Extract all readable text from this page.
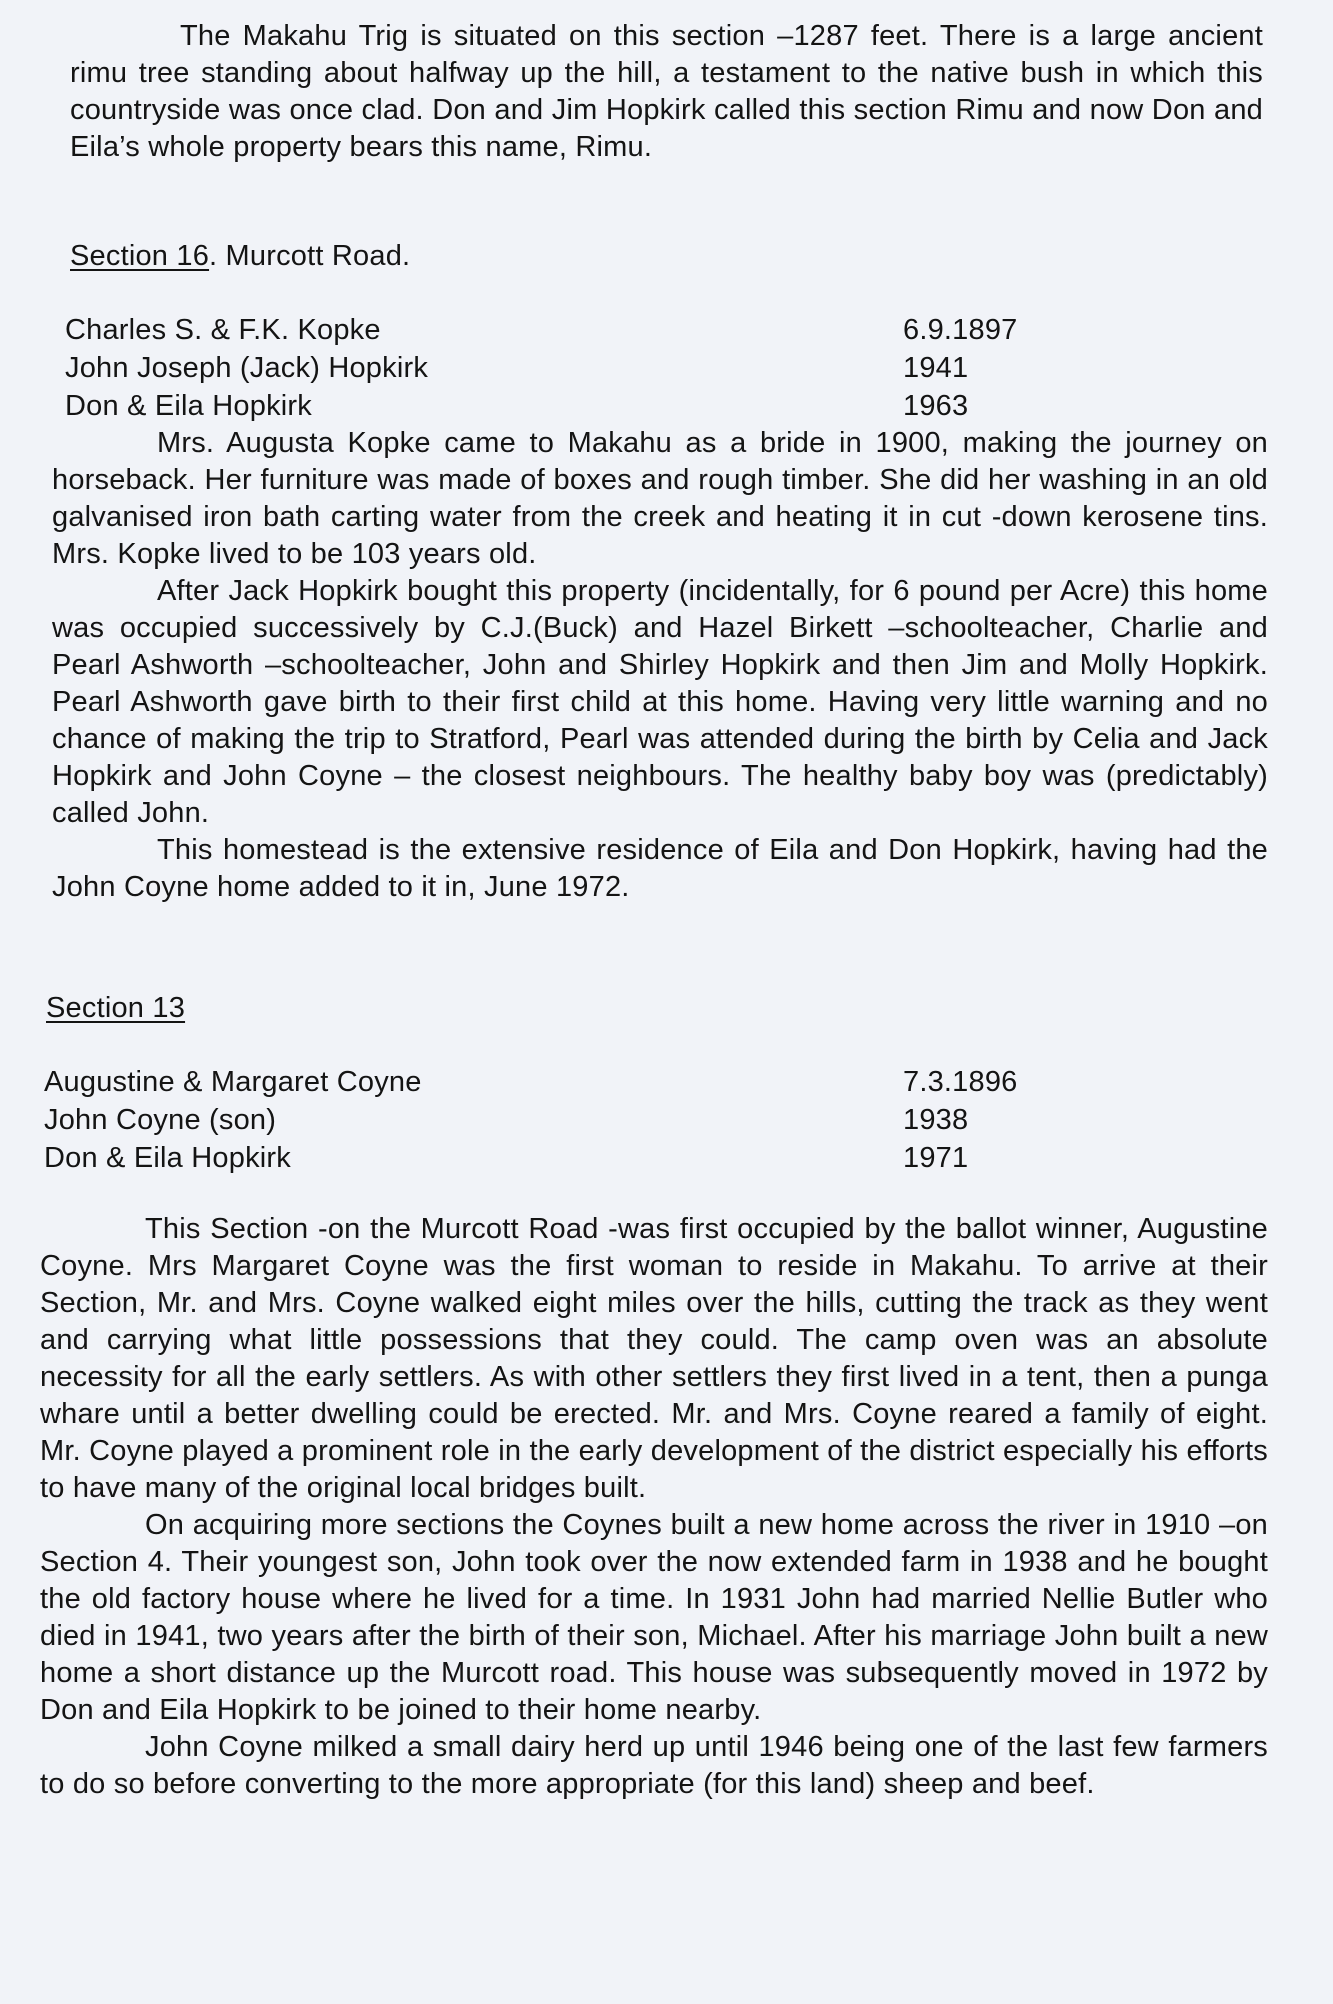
The Makahu Trig is situated on this section –1287 feet. There is a large ancient rimu tree standing about halfway up the hill, a testament to the native bush in which this countryside was once clad. Don and Jim Hopkirk called this section Rimu and now Don and Eila’s whole property bears this name, Rimu.

Section 16. Murcott Road.
Charles S. & F.K. Kopke	6.9.1897
John Joseph (Jack) Hopkirk	1941
Don & Eila Hopkirk	1963

Mrs. Augusta Kopke came to Makahu as a bride in 1900, making the journey on horseback. Her furniture was made of boxes and rough timber. She did her washing in an old galvanised iron bath carting water from the creek and heating it in cut -down kerosene tins. Mrs. Kopke lived to be 103 years old.

After Jack Hopkirk bought this property (incidentally, for 6 pound per Acre) this home was occupied successively by C.J.(Buck) and Hazel Birkett –schoolteacher, Charlie and Pearl Ashworth –schoolteacher, John and Shirley Hopkirk and then Jim and Molly Hopkirk. Pearl Ashworth gave birth to their first child at this home. Having very little warning and no chance of making the trip to Stratford, Pearl was attended during the birth by Celia and Jack Hopkirk and John Coyne – the closest neighbours. The healthy baby boy was (predictably) called John.

This homestead is the extensive residence of Eila and Don Hopkirk, having had the John Coyne home added to it in, June 1972.

Section 13
Augustine & Margaret Coyne	7.3.1896
John Coyne (son)	1938
Don & Eila Hopkirk	1971

This Section -on the Murcott Road -was first occupied by the ballot winner, Augustine Coyne. Mrs Margaret Coyne was the first woman to reside in Makahu. To arrive at their Section, Mr. and Mrs. Coyne walked eight miles over the hills, cutting the track as they went and carrying what little possessions that they could. The camp oven was an absolute necessity for all the early settlers. As with other settlers they first lived in a tent, then a punga whare until a better dwelling could be erected. Mr. and Mrs. Coyne reared a family of eight. Mr. Coyne played a prominent role in the early development of the district especially his efforts to have many of the original local bridges built.

On acquiring more sections the Coynes built a new home across the river in 1910 –on Section 4. Their youngest son, John took over the now extended farm in 1938 and he bought the old factory house where he lived for a time. In 1931 John had married Nellie Butler who died in 1941, two years after the birth of their son, Michael. After his marriage John built a new home a short distance up the Murcott road. This house was subsequently moved in 1972 by Don and Eila Hopkirk to be joined to their home nearby.

John Coyne milked a small dairy herd up until 1946 being one of the last few farmers to do so before converting to the more appropriate (for this land) sheep and beef.
